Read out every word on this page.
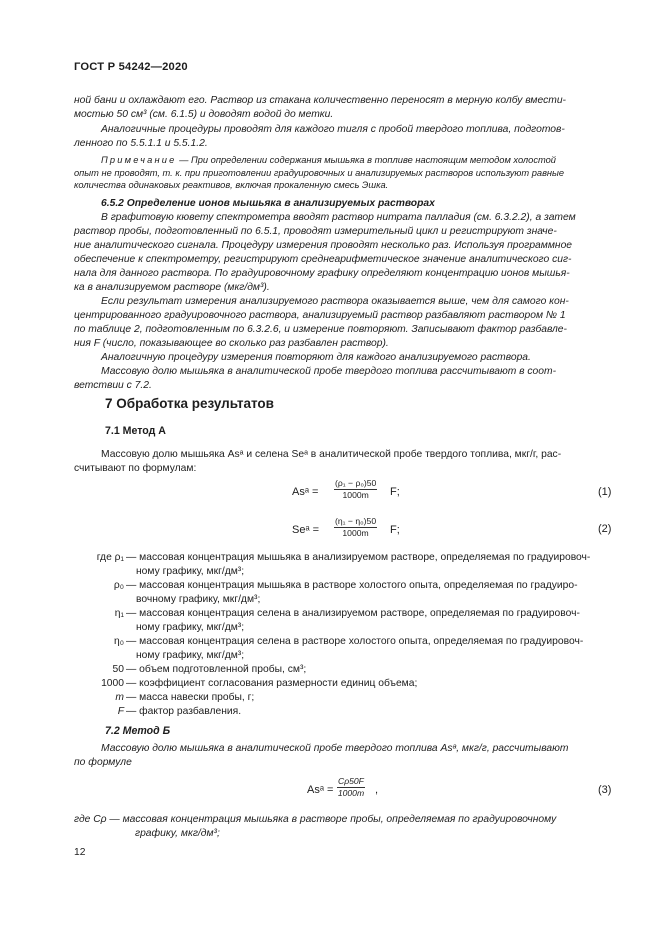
ГОСТ Р 54242—2020
ной бани и охлаждают его. Раствор из стакана количественно переносят в мерную колбу вмести-
мостью 50 см³ (см. 6.1.5) и доводят водой до метки.
Аналогичные процедуры проводят для каждого тигля с пробой твердого топлива, подготов-
ленного по 5.5.1.1 и 5.5.1.2.
Примечание — При определении содержания мышьяка в топливе настоящим методом холостой
опыт не проводят, т. к. при приготовлении градуировочных и анализируемых растворов используют равные
количества одинаковых реактивов, включая прокаленную смесь Эшка.
6.5.2 Определение ионов мышьяка в анализируемых растворах
В графитовую кювету спектрометра вводят раствор нитрата палладия (см. 6.3.2.2), а затем
раствор пробы, подготовленный по 6.5.1, проводят измерительный цикл и регистрируют значе-
ние аналитического сигнала. Процедуру измерения проводят несколько раз. Используя программное
обеспечение к спектрометру, регистрируют среднеарифметическое значение аналитического сиг-
нала для данного раствора. По градуировочному графику определяют концентрацию ионов мышья-
ка в анализируемом растворе (мкг/дм³).
Если результат измерения анализируемого раствора оказывается выше, чем для самого кон-
центрированного градуировочного раствора, анализируемый раствор разбавляют раствором № 1
по таблице 2, подготовленным по 6.3.2.6, и измерение повторяют. Записывают фактор разбавле-
ния F (число, показывающее во сколько раз разбавлен раствор).
Аналогичную процедуру измерения повторяют для каждого анализируемого раствора.
Массовую долю мышьяка в аналитической пробе твердого топлива рассчитывают в соот-
ветствии с 7.2.
7 Обработка результатов
7.1 Метод А
Массовую долю мышьяка Asᵃ и селена Seᵃ в аналитической пробе твердого топлива, мкг/г, рас-
считывают по формулам:
Asᵃ = $\frac{\text{(ρ₁ − ρ₀)50}}{1000m} F$;	(1)
Seᵃ = $\frac{\text{(η₁ − η₀)50}}{1000m} F$;	(2)
где ρ₁ — массовая концентрация мышьяка в анализируемом растворе, определяемая по градуировоч-
ному графику, мкг/дм³;
ρ₀ — массовая концентрация мышьяка в растворе холостого опыта, определяемая по градуиро-
вочному графику, мкг/дм³;
η₁ — массовая концентрация селена в анализируемом растворе, определяемая по градуировоч-
ному графику, мкг/дм³;
η₀ — массовая концентрация селена в растворе холостого опыта, определяемая по градуировоч-
ному графику, мкг/дм³;
50 — объем подготовленной пробы, см³;
1000 — коэффициент согласования размерности единиц объема;
m — масса навески пробы, г;
F — фактор разбавления.
7.2 Метод Б
Массовую долю мышьяка в аналитической пробе твердого топлива Asᵃ, мкг/г, рассчитывают
по формуле
Asᵃ = $\frac{C\rho 50F}{1000m}$ ,	(3)
где Cρ — массовая концентрация мышьяка в растворе пробы, определяемая по градуировочному
графику, мкг/дм³;
12
